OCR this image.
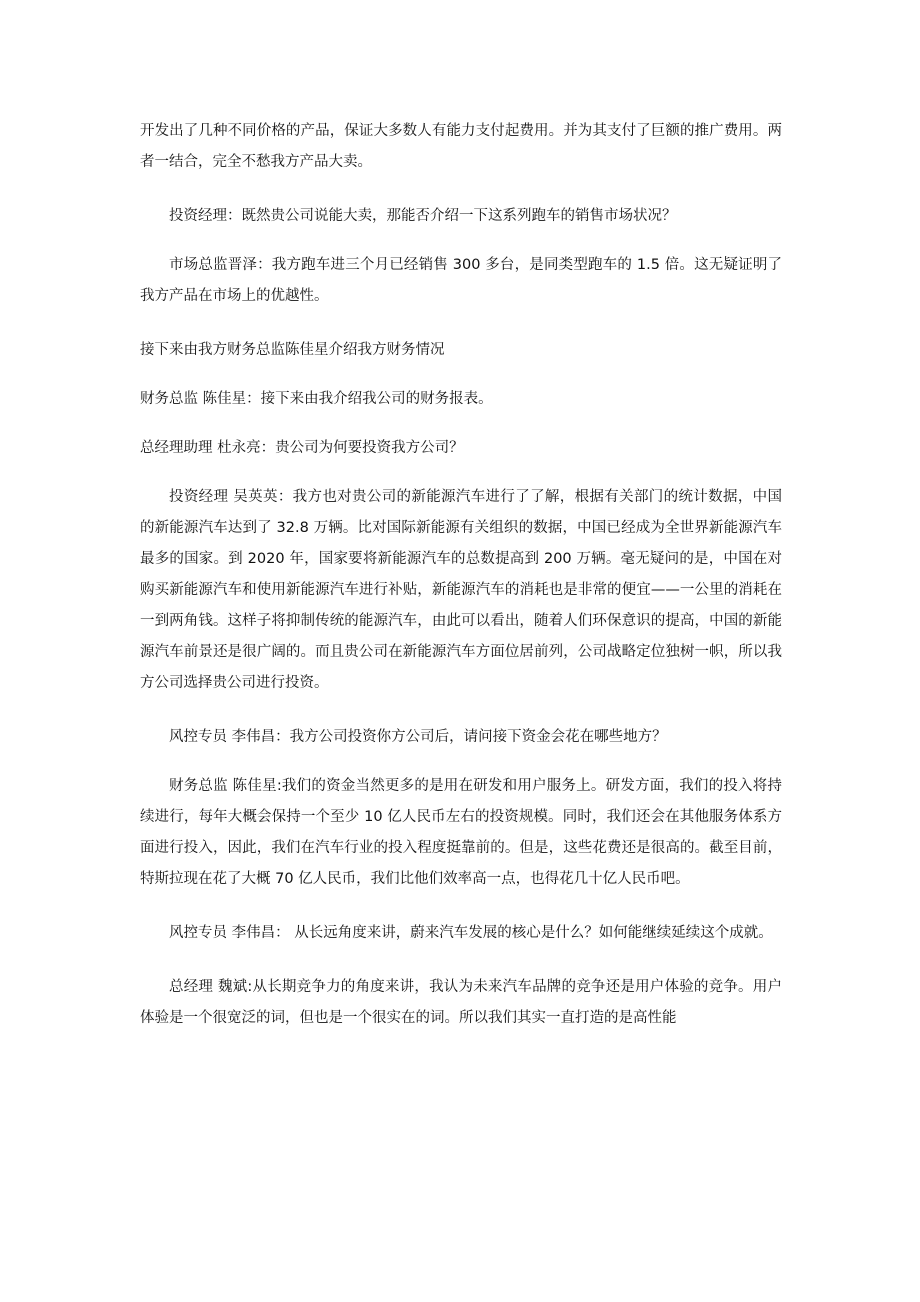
开发出了几种不同价格的产品，保证大多数人有能力支付起费用。并为其支付了巨额的推广费用。两者一结合，完全不愁我方产品大卖。

投资经理：既然贵公司说能大卖，那能否介绍一下这系列跑车的销售市场状况？

市场总监晋泽：我方跑车进三个月已经销售 300 多台，是同类型跑车的 1.5 倍。这无疑证明了我方产品在市场上的优越性。

接下来由我方财务总监陈佳星介绍我方财务情况

财务总监 陈佳星：接下来由我介绍我公司的财务报表。

总经理助理 杜永亮：贵公司为何要投资我方公司？

投资经理 吴英英：我方也对贵公司的新能源汽车进行了了解，根据有关部门的统计数据，中国的新能源汽车达到了 32.8 万辆。比对国际新能源有关组织的数据，中国已经成为全世界新能源汽车最多的国家。到 2020 年，国家要将新能源汽车的总数提高到 200 万辆。毫无疑问的是，中国在对购买新能源汽车和使用新能源汽车进行补贴，新能源汽车的消耗也是非常的便宜——一公里的消耗在一到两角钱。这样子将抑制传统的能源汽车，由此可以看出，随着人们环保意识的提高，中国的新能源汽车前景还是很广阔的。而且贵公司在新能源汽车方面位居前列，公司战略定位独树一帜，所以我方公司选择贵公司进行投资。

风控专员 李伟昌：我方公司投资你方公司后，请问接下资金会花在哪些地方？

财务总监 陈佳星:我们的资金当然更多的是用在研发和用户服务上。研发方面，我们的投入将持续进行，每年大概会保持一个至少 10 亿人民币左右的投资规模。同时，我们还会在其他服务体系方面进行投入，因此，我们在汽车行业的投入程度挺靠前的。但是，这些花费还是很高的。截至目前，特斯拉现在花了大概 70 亿人民币，我们比他们效率高一点，也得花几十亿人民币吧。

风控专员 李伟昌： 从长远角度来讲，蔚来汽车发展的核心是什么？如何能继续延续这个成就。

总经理 魏斌:从长期竞争力的角度来讲，我认为未来汽车品牌的竞争还是用户体验的竞争。用户体验是一个很宽泛的词，但也是一个很实在的词。所以我们其实一直打造的是高性能
